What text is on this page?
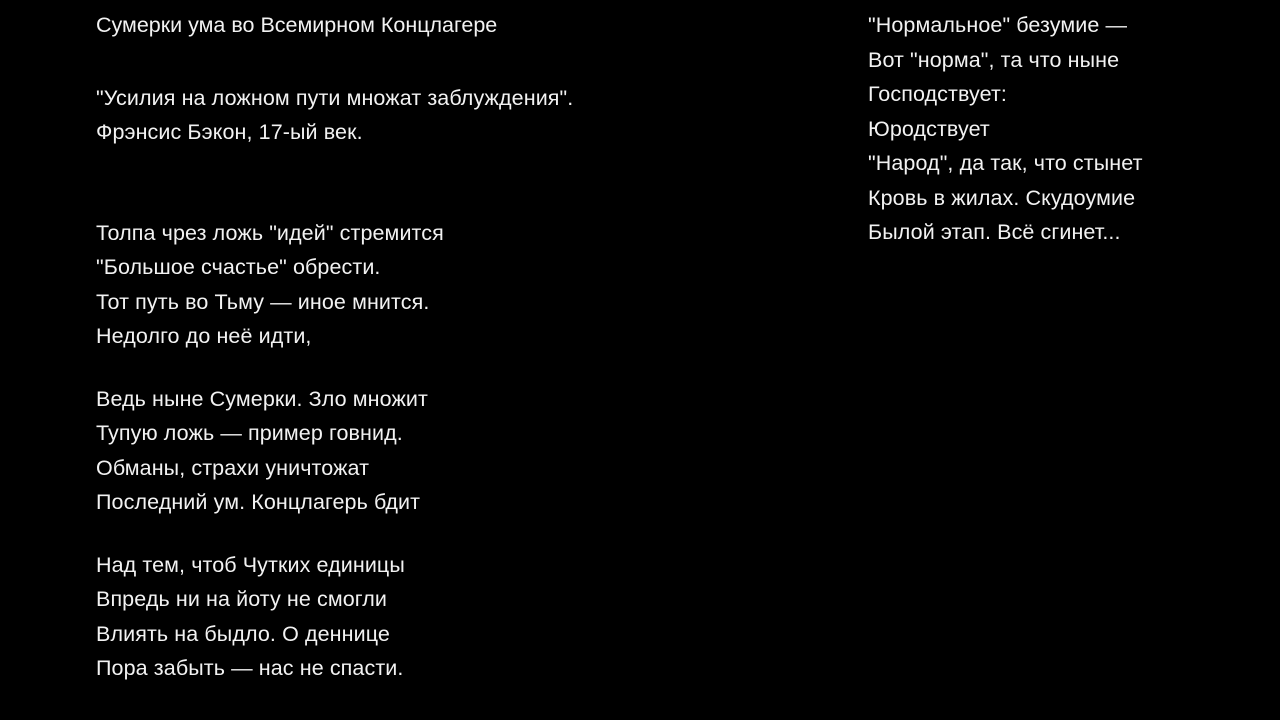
Сумерки ума во Всемирном Концлагере
"Усилия на ложном пути множат заблуждения".
Фрэнсис Бэкон, 17-ый век.
Толпа чрез ложь "идей" стремится
"Большое счастье" обрести.
Тот путь во Тьму — иное мнится.
Недолго до неё идти,
Ведь ныне Сумерки. Зло множит
Тупую ложь — пример говнид.
Обманы, страхи уничтожат
Последний ум. Концлагерь бдит
Над тем, чтоб Чутких единицы
Впредь ни на йоту не смогли
Влиять на быдло. О деннице
Пора забыть — нас не спасти.
"Нормальное" безумие —
Вот "норма", та что ныне
Господствует:
Юродствует
"Народ", да так, что стынет
Кровь в жилах. Скудоумие
Былой этап. Всё сгинет...
